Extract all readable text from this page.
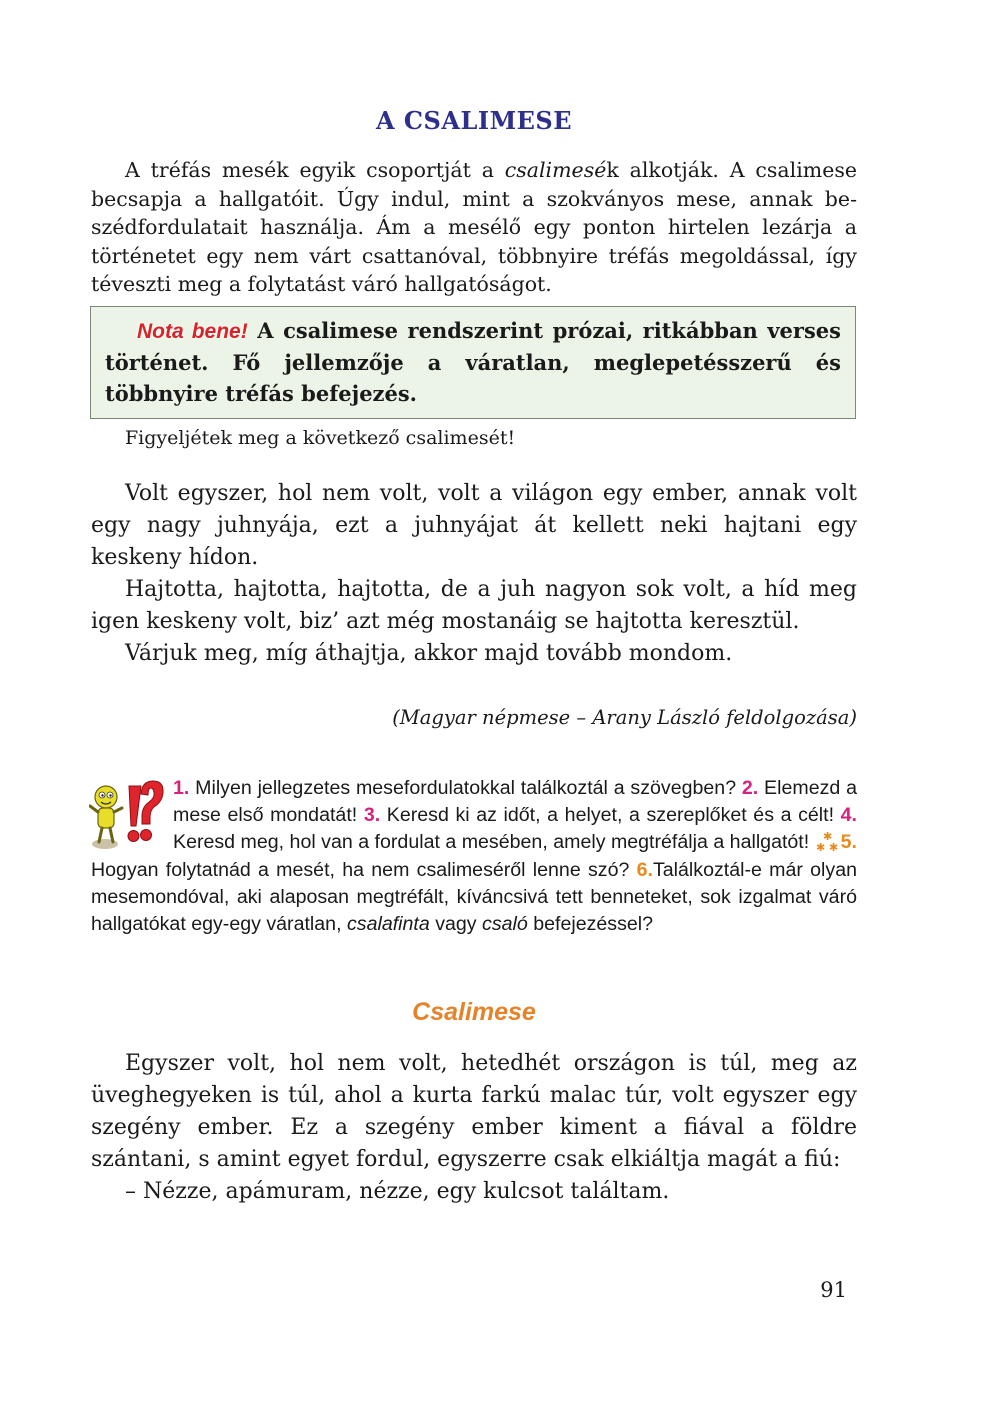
A CSALIMESE

A tréfás mesék egyik csoportját a csalimesék alkotják. A csalimese becsapja a hallgatóit. Úgy indul, mint a szokványos mese, annak beszédfordulatait használja. Ám a mesélő egy ponton hirtelen lezárja a történetet egy nem várt csattanóval, többnyire tréfás megoldással, így téveszti meg a folytatást váró hallgatóságot.

Nota bene! A csalimese rendszerint prózai, ritkábban verses történet. Fő jellemzője a váratlan, meglepetésszerű és többnyire tréfás befejezés.

Figyeljétek meg a következő csalimesét!

Volt egyszer, hol nem volt, volt a világon egy ember, annak volt egy nagy juhnyája, ezt a juhnyájat át kellett neki hajtani egy keskeny hídon.

Hajtotta, hajtotta, hajtotta, de a juh nagyon sok volt, a híd meg igen keskeny volt, biz’ azt még mostanáig se hajtotta keresztül.

Várjuk meg, míg áthajtja, akkor majd tovább mondom.

(Magyar népmese – Arany László feldolgozása)

1. Milyen jellegzetes mesefordulatokkal találkoztál a szövegben? 2. Elemezd a mese első mondatát! 3. Keresd ki az időt, a helyet, a szereplőket és a célt! 4. Keresd meg, hol van a fordulat a mesében, amely megtréfálja a hallgatót! ✱
✱ ✱ 5. Hogyan folytatnád a mesét, ha nem csalimeséről lenne szó? 6.Találkoztál-e már olyan mesemondóval, aki alaposan megtréfált, kíváncsivá tett benneteket, sok izgalmat váró hallgatókat egy-egy váratlan, csalafinta vagy csaló befejezéssel?
Csalimese

Egyszer volt, hol nem volt, hetedhét országon is túl, meg az üveghegyeken is túl, ahol a kurta farkú malac túr, volt egyszer egy szegény ember. Ez a szegény ember kiment a fiával a földre szántani, s amint egyet fordul, egyszerre csak elkiáltja magát a fiú:

– Nézze, apámuram, nézze, egy kulcsot találtam.

91
